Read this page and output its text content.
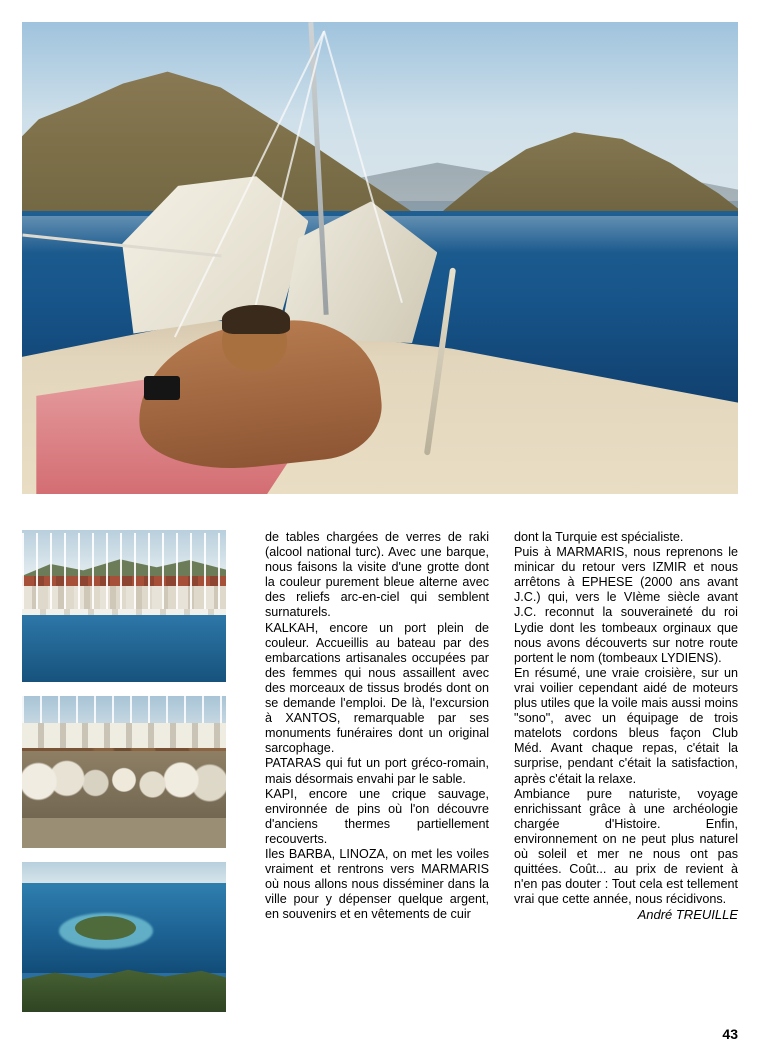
de tables chargées de verres de raki (alcool national turc). Avec une barque, nous faisons la visite d'une grotte dont la couleur purement bleue alterne avec des reliefs arc-en-ciel qui semblent surnaturels.

KALKAH, encore un port plein de couleur. Accueillis au bateau par des embarcations artisanales occupées par des femmes qui nous assaillent avec des morceaux de tissus brodés dont on se demande l'emploi. De là, l'excursion à XANTOS, remarquable par ses monuments funéraires dont un original sarcophage.

PATARAS qui fut un port gréco-romain, mais désormais envahi par le sable.

KAPI, encore une crique sauvage, environnée de pins où l'on découvre d'anciens thermes partiellement recouverts.

Iles BARBA, LINOZA, on met les voiles vraiment et rentrons vers MARMARIS où nous allons nous disséminer dans la ville pour y dépenser quelque argent, en souvenirs et en vêtements de cuir

dont la Turquie est spécialiste.

Puis à MARMARIS, nous reprenons le minicar du retour vers IZMIR et nous arrêtons à EPHESE (2000 ans avant J.C.) qui, vers le VIème siècle avant J.C. reconnut la souveraineté du roi Lydie dont les tombeaux orginaux que nous avons découverts sur notre route portent le nom (tombeaux LYDIENS).

En résumé, une vraie croisière, sur un vrai voilier cependant aidé de moteurs plus utiles que la voile mais aussi moins "sono", avec un équipage de trois matelots cordons bleus façon Club Méd. Avant chaque repas, c'était la surprise, pendant c'était la satisfaction, après c'était la relaxe.

Ambiance pure naturiste, voyage enrichissant grâce à une archéologie chargée d'Histoire. Enfin, environnement on ne peut plus naturel où soleil et mer ne nous ont pas quittées. Coût... au prix de revient à n'en pas douter : Tout cela est tellement vrai que cette année, nous récidivons.

André TREUILLE

43
